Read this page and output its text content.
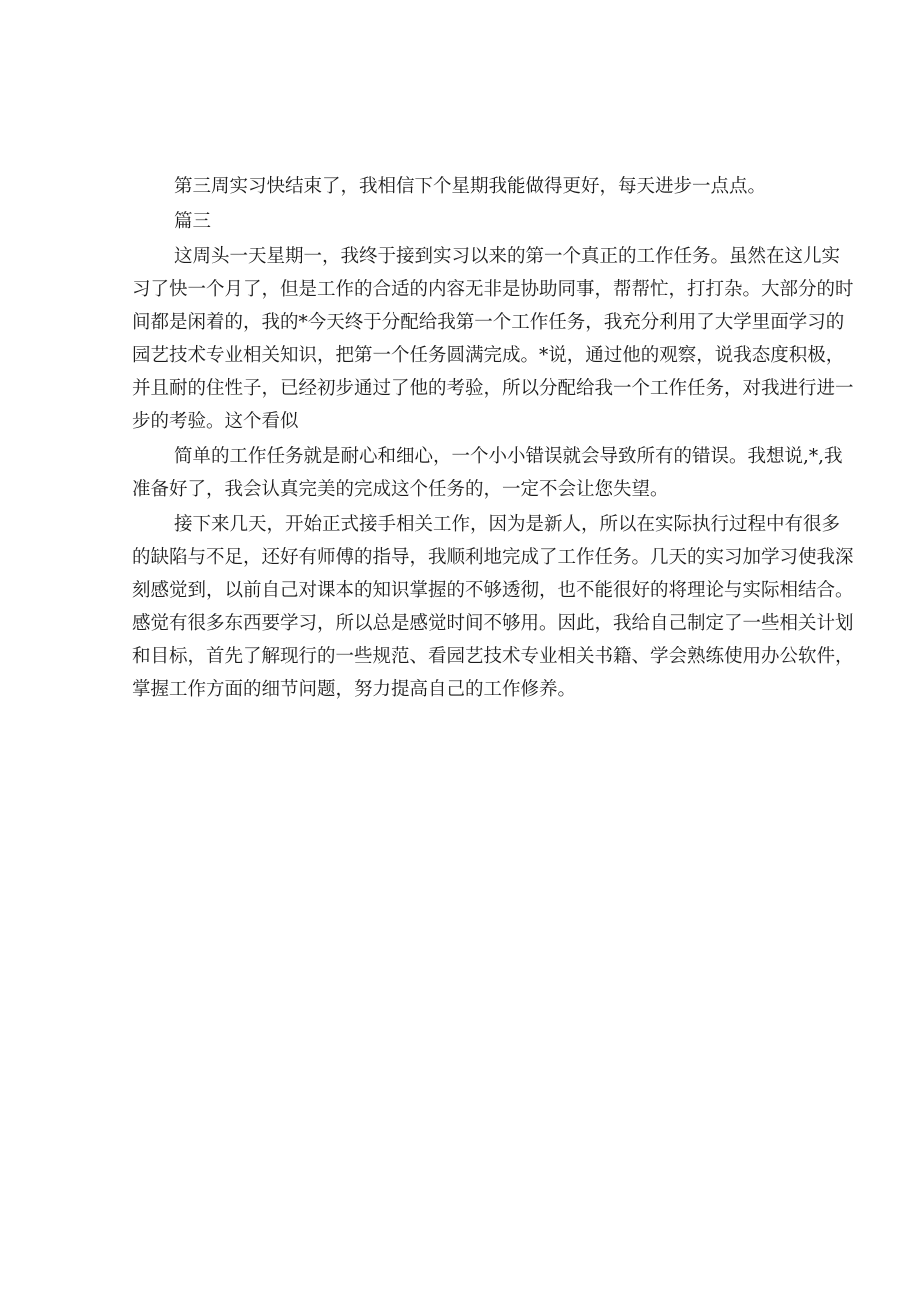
第三周实习快结束了，我相信下个星期我能做得更好，每天进步一点点。
篇三
这周头一天星期一，我终于接到实习以来的第一个真正的工作任务。虽然在这儿实
习了快一个月了，但是工作的合适的内容无非是协助同事，帮帮忙，打打杂。大部分的时
间都是闲着的，我的*今天终于分配给我第一个工作任务，我充分利用了大学里面学习的
园艺技术专业相关知识，把第一个任务圆满完成。*说，通过他的观察，说我态度积极，
并且耐的住性子，已经初步通过了他的考验，所以分配给我一个工作任务，对我进行进一
步的考验。这个看似
简单的工作任务就是耐心和细心，一个小小错误就会导致所有的错误。我想说,*,我
准备好了，我会认真完美的完成这个任务的，一定不会让您失望。
接下来几天，开始正式接手相关工作，因为是新人，所以在实际执行过程中有很多
的缺陷与不足，还好有师傅的指导，我顺利地完成了工作任务。几天的实习加学习使我深
刻感觉到，以前自己对课本的知识掌握的不够透彻，也不能很好的将理论与实际相结合。
感觉有很多东西要学习，所以总是感觉时间不够用。因此，我给自己制定了一些相关计划
和目标，首先了解现行的一些规范、看园艺技术专业相关书籍、学会熟练使用办公软件，
掌握工作方面的细节问题，努力提高自己的工作修养。
